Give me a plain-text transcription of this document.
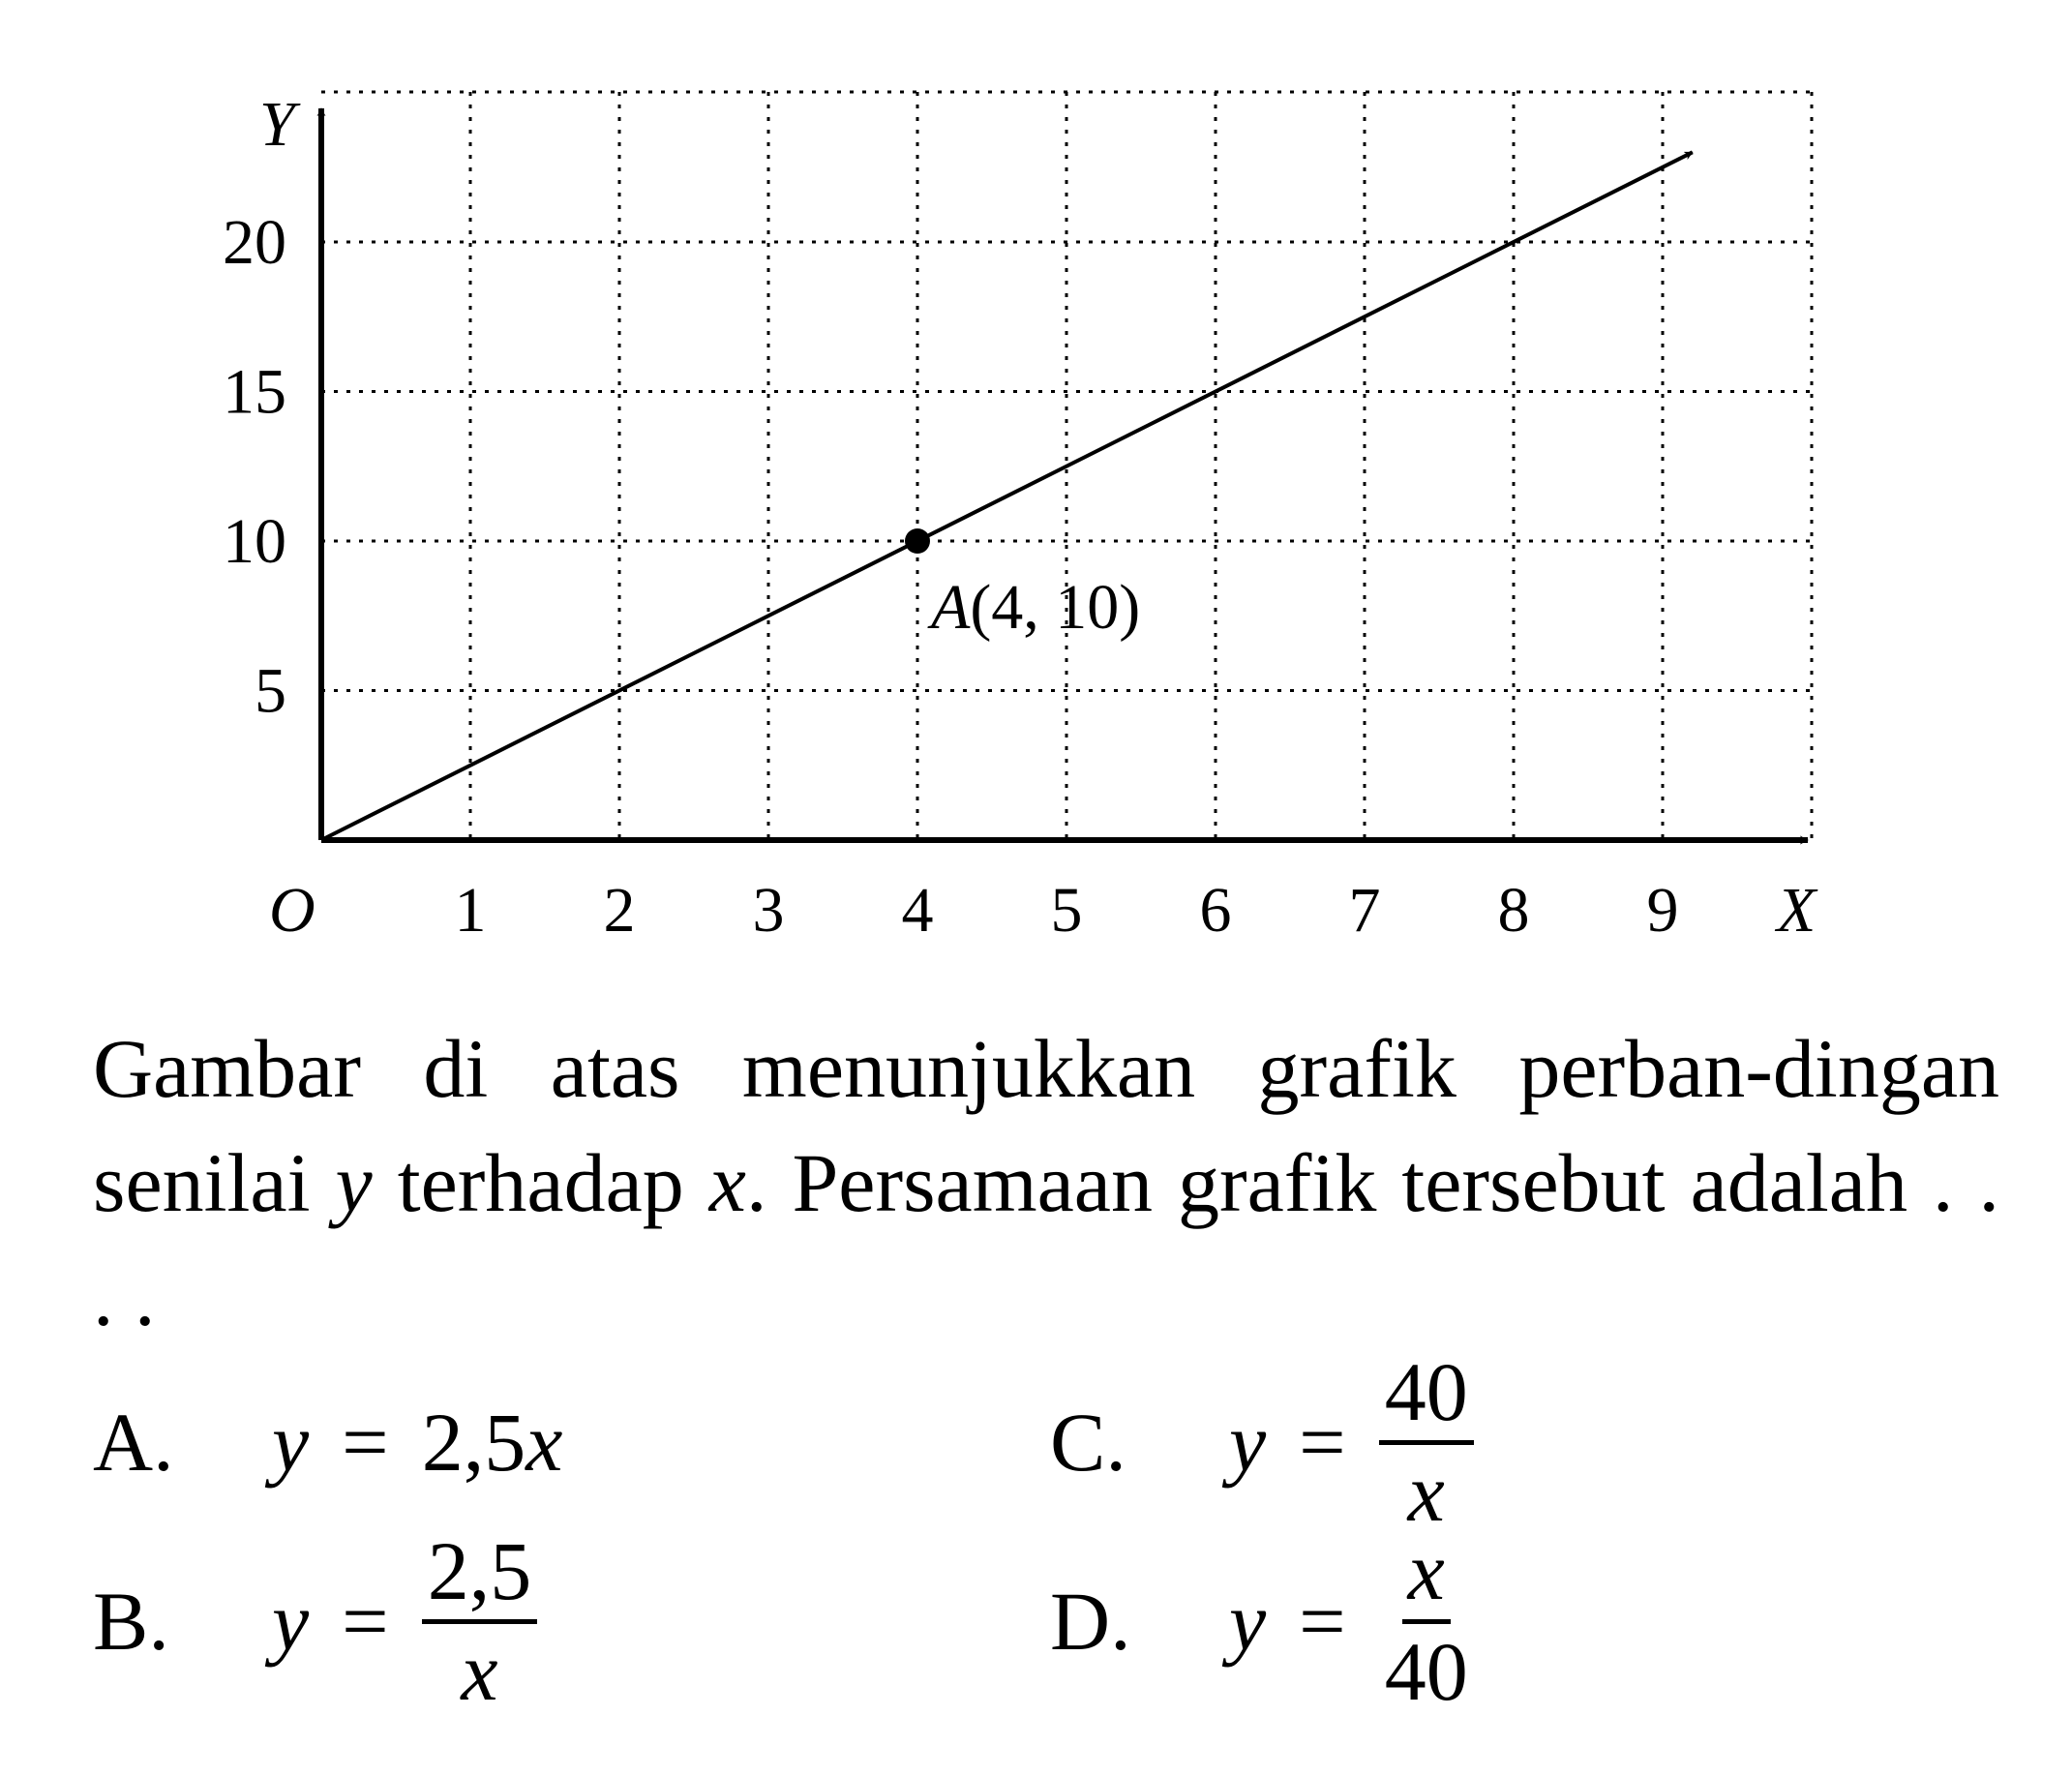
X
Y
O 1 2 3 4 5 6 7 8 9
5
10
15
20
A(4, 10)
Gambar di atas menunjukkan grafik perban-dingan senilai y terhadap x. Persamaan grafik tersebut adalah . . . .
A.	y = 2,5x
B.	$y = \frac{2,5}{x}$
C.	$y = \frac{40}{x}$
D.	$y = \frac{x}{40}$
